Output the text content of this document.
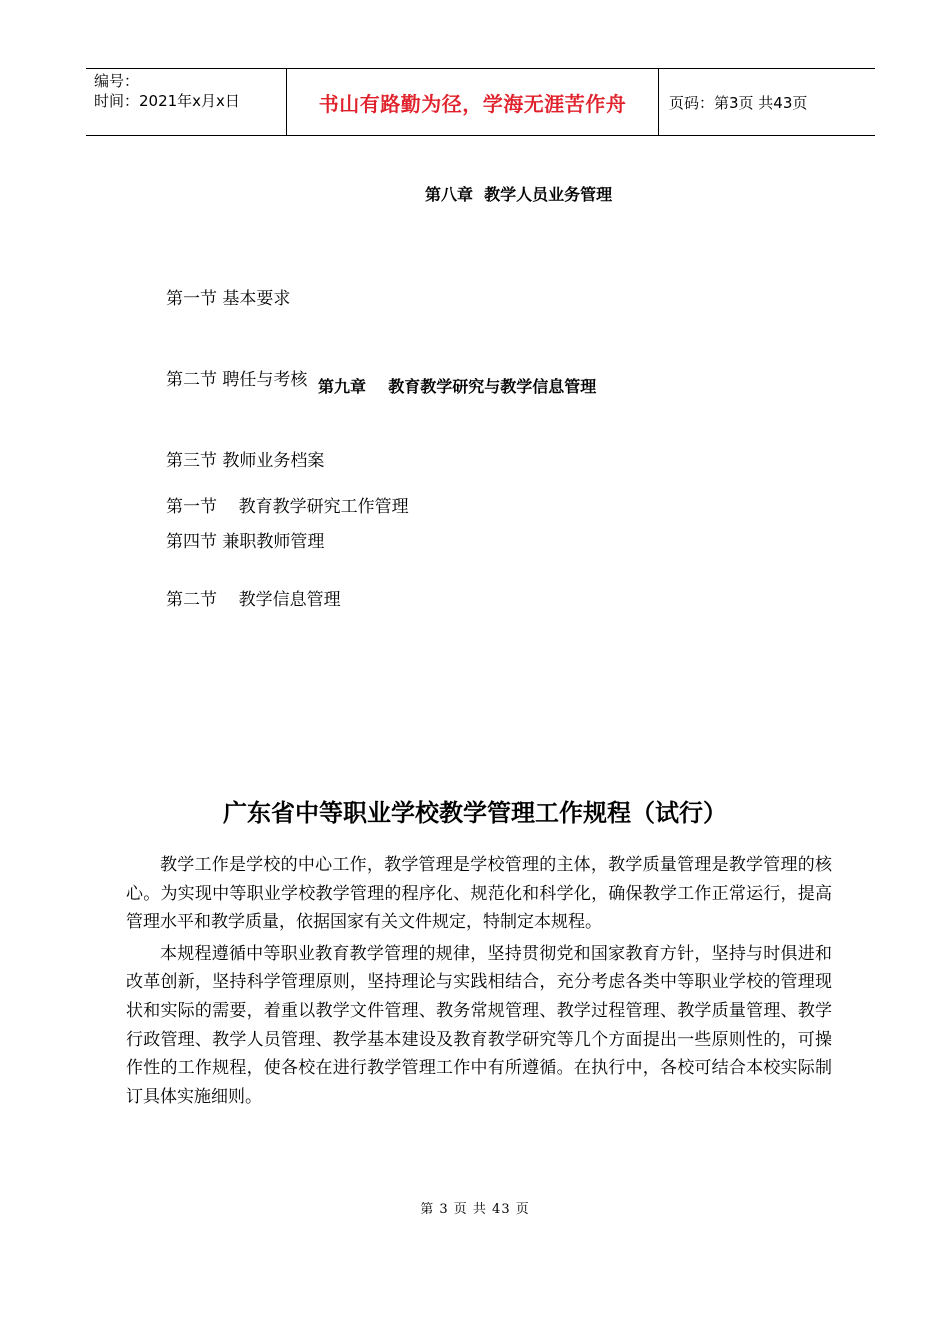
编号：
时间：2021年x月x日	书山有路勤为径，学海无涯苦作舟	页码：第3页 共43页
第八章  教学人员业务管理

第一节 基本要求

第二节 聘任与考核

第三节 教师业务档案

第四节 兼职教师管理

第九章    教育教学研究与教学信息管理

第一节    教育教学研究工作管理

第二节    教学信息管理

广东省中等职业学校教学管理工作规程（试行）

教学工作是学校的中心工作，教学管理是学校管理的主体，教学质量管理是教学管理的核心。为实现中等职业学校教学管理的程序化、规范化和科学化，确保教学工作正常运行，提高管理水平和教学质量，依据国家有关文件规定，特制定本规程。

本规程遵循中等职业教育教学管理的规律，坚持贯彻党和国家教育方针，坚持与时俱进和改革创新，坚持科学管理原则，坚持理论与实践相结合，充分考虑各类中等职业学校的管理现状和实际的需要，着重以教学文件管理、教务常规管理、教学过程管理、教学质量管理、教学行政管理、教学人员管理、教学基本建设及教育教学研究等几个方面提出一些原则性的，可操作性的工作规程，使各校在进行教学管理工作中有所遵循。在执行中，各校可结合本校实际制订具体实施细则。

第 3 页 共 43 页
